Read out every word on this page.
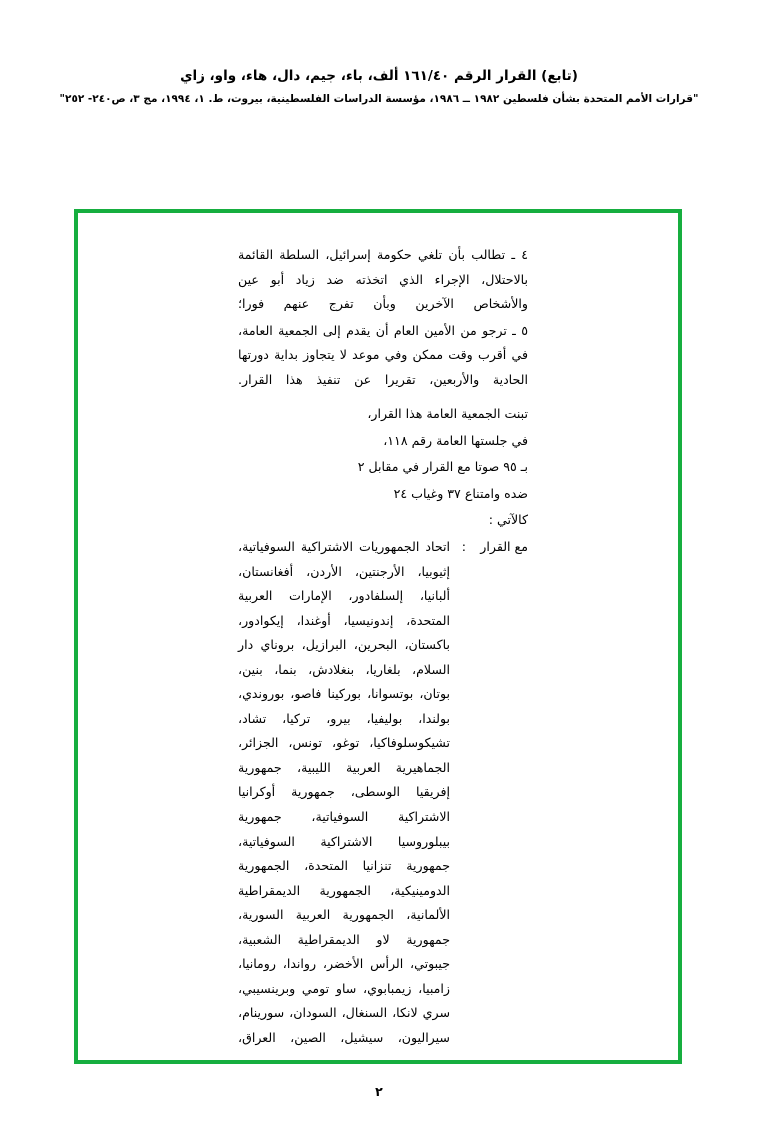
(تابع) القرار الرقم ١٦١/٤٠ ألف، باء، جيم، دال، هاء، واو، زاي
"قرارات الأمم المتحدة بشأن فلسطين ١٩٨٢ ــ ١٩٨٦، مؤسسة الدراسات الفلسطينية، بيروت، ط. ١، ١٩٩٤، مج ٣، ص٢٤٠- ٢٥٢"

٤ ـ تطالب بأن تلغي حكومة إسرائيل، السلطة القائمة بالاحتلال، الإجراء الذي اتخذته ضد زياد أبو عين والأشخاص الآخرين وبأن تفرج عنهم فورا؛

٥ ـ ترجو من الأمين العام أن يقدم إلى الجمعية العامة، في أقرب وقت ممكن وفي موعد لا يتجاوز بداية دورتها الحادية والأربعين، تقريرا عن تنفيذ هذا القرار.

تبنت الجمعية العامة هذا القرار،

في جلستها العامة رقم ١١٨،

بـ ٩٥ صوتا مع القرار في مقابل ٢

ضده وامتناع ٣٧ وغياب ٢٤

كالآتي :

مع القرار
:
اتحاد الجمهوريات الاشتراكية السوفياتية، إثيوبيا، الأرجنتين، الأردن، أفغانستان، ألبانيا، إلسلفادور، الإمارات العربية المتحدة، إندونيسيا، أوغندا، إيكوادور، باكستان، البحرين، البرازيل، بروناي دار السلام، بلغاريا، بنغلادش، بنما، بنين، بوتان، بوتسوانا، بوركينا فاصو، بوروندي، بولندا، بوليفيا، بيرو، تركيا، تشاد، تشيكوسلوفاكيا، توغو، تونس، الجزائر، الجماهيرية العربية الليبية، جمهورية إفريقيا الوسطى، جمهورية أوكرانيا الاشتراكية السوفياتية، جمهورية بيبلوروسيا الاشتراكية السوفياتية، جمهورية تنزانيا المتحدة، الجمهورية الدومينيكية، الجمهورية الديمقراطية الألمانية، الجمهورية العربية السورية، جمهورية لاو الديمقراطية الشعبية، جيبوتي، الرأس الأخضر، رواندا، رومانيا، زامبيا، زيمبابوي، ساو تومي وبرينسيبي، سري لانكا، السنغال، السودان، سورينام، سيراليون، سيشيل، الصين، العراق،
٢
